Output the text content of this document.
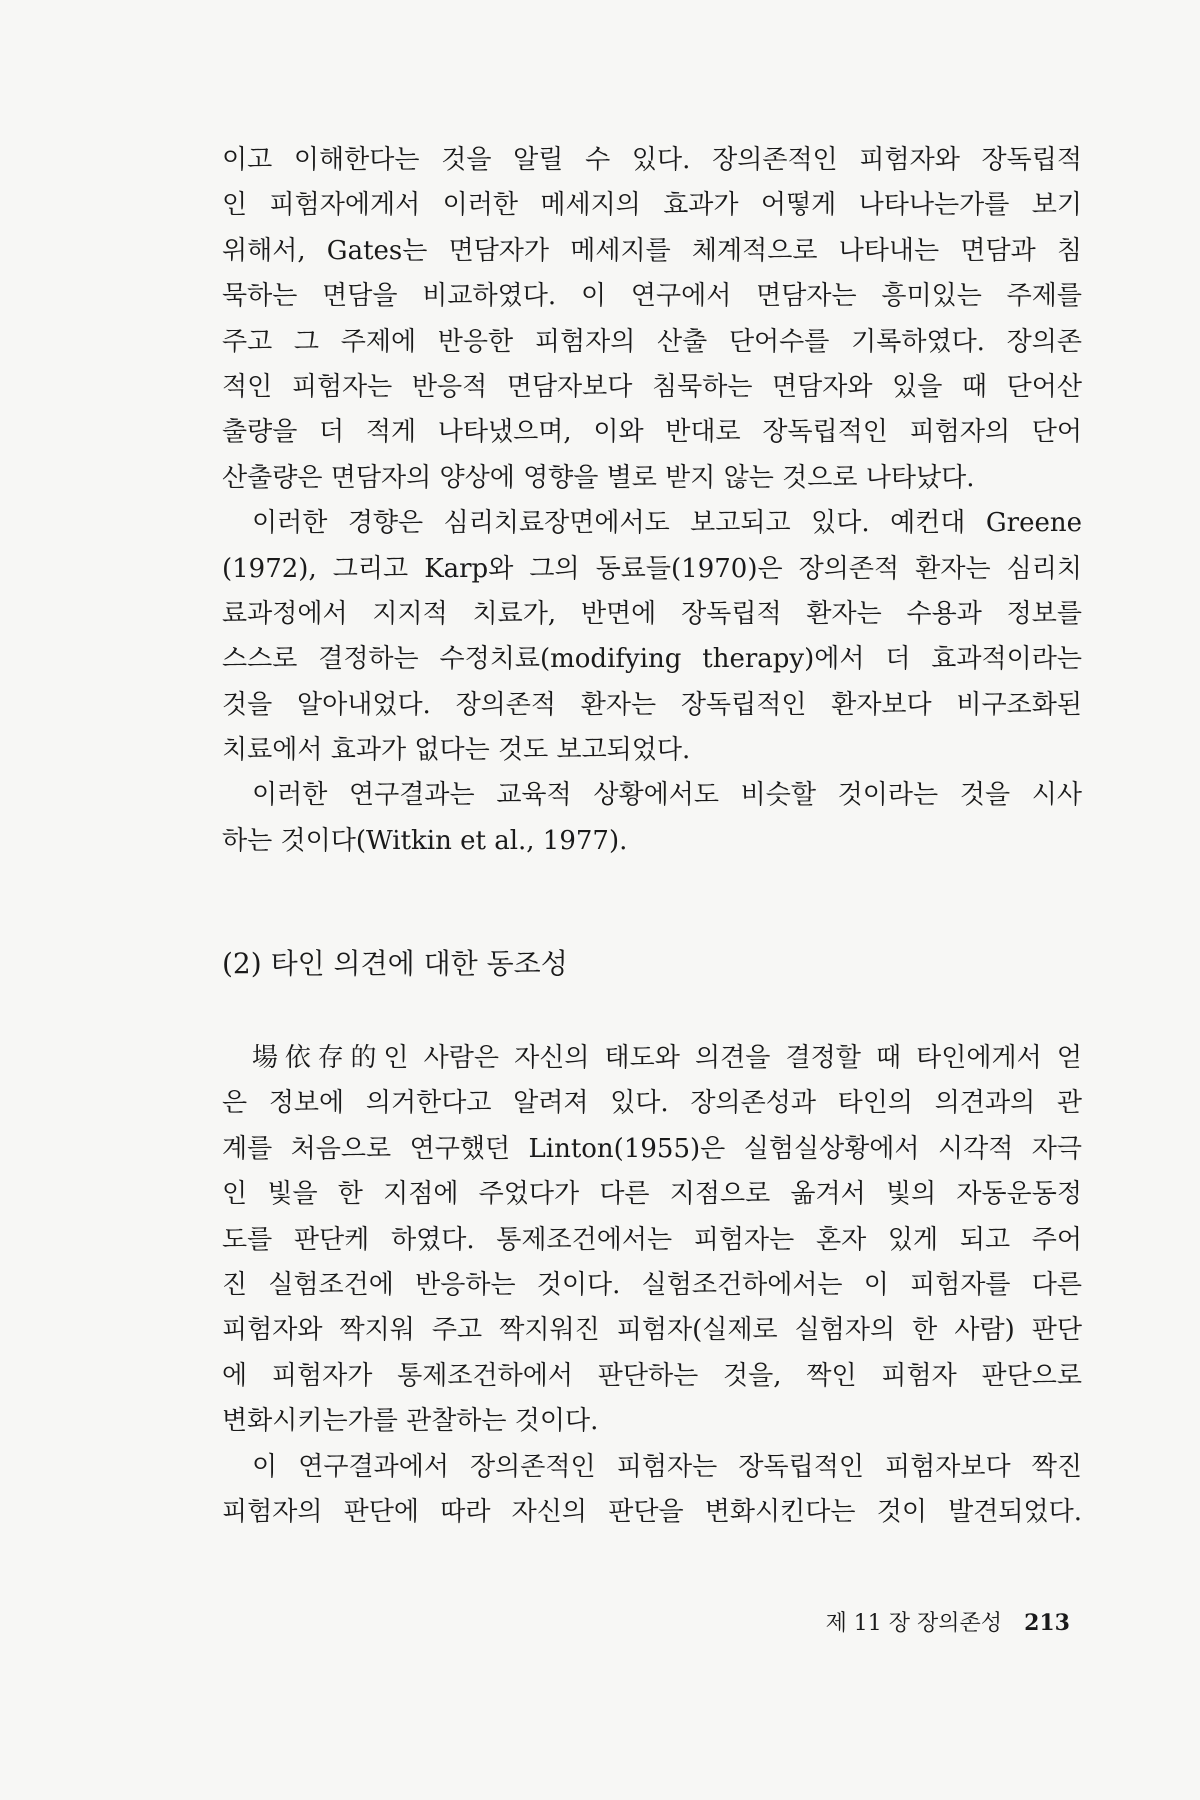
이고 이해한다는 것을 알릴 수 있다. 장의존적인 피험자와 장독립적
인 피험자에게서 이러한 메세지의 효과가 어떻게 나타나는가를 보기
위해서, Gates는 면담자가 메세지를 체계적으로 나타내는 면담과 침
묵하는 면담을 비교하였다. 이 연구에서 면담자는 흥미있는 주제를
주고 그 주제에 반응한 피험자의 산출 단어수를 기록하였다. 장의존
적인 피험자는 반응적 면담자보다 침묵하는 면담자와 있을 때 단어산
출량을 더 적게 나타냈으며, 이와 반대로 장독립적인 피험자의 단어
산출량은 면담자의 양상에 영향을 별로 받지 않는 것으로 나타났다.
이러한 경향은 심리치료장면에서도 보고되고 있다. 예컨대 Greene
(1972), 그리고 Karp와 그의 동료들(1970)은 장의존적 환자는 심리치
료과정에서 지지적 치료가, 반면에 장독립적 환자는 수용과 정보를
스스로 결정하는 수정치료(modifying therapy)에서 더 효과적이라는
것을 알아내었다. 장의존적 환자는 장독립적인 환자보다 비구조화된
치료에서 효과가 없다는 것도 보고되었다.
이러한 연구결과는 교육적 상황에서도 비슷할 것이라는 것을 시사
하는 것이다(Witkin et al., 1977).
(2) 타인 의견에 대한 동조성
場依存的인 사람은 자신의 태도와 의견을 결정할 때 타인에게서 얻
은 정보에 의거한다고 알려져 있다. 장의존성과 타인의 의견과의 관
계를 처음으로 연구했던 Linton(1955)은 실험실상황에서 시각적 자극
인 빛을 한 지점에 주었다가 다른 지점으로 옮겨서 빛의 자동운동정
도를 판단케 하였다. 통제조건에서는 피험자는 혼자 있게 되고 주어
진 실험조건에 반응하는 것이다. 실험조건하에서는 이 피험자를 다른
피험자와 짝지워 주고 짝지워진 피험자(실제로 실험자의 한 사람) 판단
에 피험자가 통제조건하에서 판단하는 것을, 짝인 피험자 판단으로
변화시키는가를 관찰하는 것이다.
이 연구결과에서 장의존적인 피험자는 장독립적인 피험자보다 짝진
피험자의 판단에 따라 자신의 판단을 변화시킨다는 것이 발견되었다.
제 11 장 장의존성 213
